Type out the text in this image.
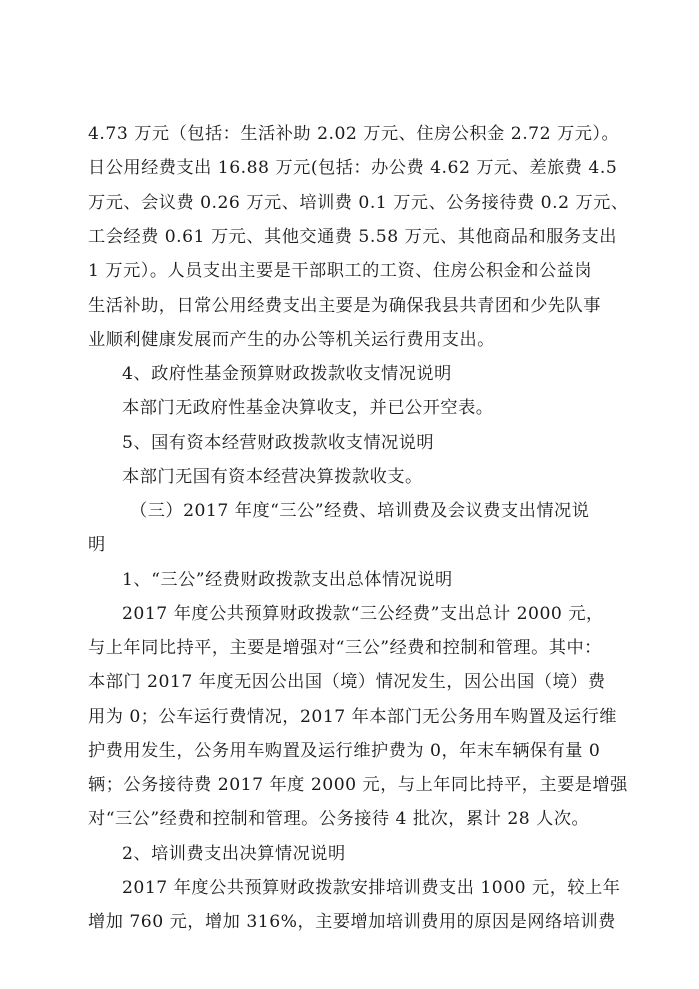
4.73 万元（包括：生活补助 2.02 万元、住房公积金 2.72 万元）。
日公用经费支出 16.88 万元(包括：办公费 4.62 万元、差旅费 4.5
万元、会议费 0.26 万元、培训费 0.1 万元、公务接待费 0.2 万元、
工会经费 0.61 万元、其他交通费 5.58 万元、其他商品和服务支出
1 万元）。人员支出主要是干部职工的工资、住房公积金和公益岗
生活补助，日常公用经费支出主要是为确保我县共青团和少先队事
业顺利健康发展而产生的办公等机关运行费用支出。
4、政府性基金预算财政拨款收支情况说明
本部门无政府性基金决算收支，并已公开空表。
5、国有资本经营财政拨款收支情况说明
本部门无国有资本经营决算拨款收支。
（三）2017 年度“三公”经费、培训费及会议费支出情况说
明
1、“三公”经费财政拨款支出总体情况说明
2017 年度公共预算财政拨款“三公经费”支出总计 2000 元，
与上年同比持平，主要是增强对“三公”经费和控制和管理。其中：
本部门 2017 年度无因公出国（境）情况发生，因公出国（境）费
用为 0；公车运行费情况，2017 年本部门无公务用车购置及运行维
护费用发生，公务用车购置及运行维护费为 0，年末车辆保有量 0
辆；公务接待费 2017 年度 2000 元，与上年同比持平，主要是增强
对“三公”经费和控制和管理。公务接待 4 批次，累计 28 人次。
2、培训费支出决算情况说明
2017 年度公共预算财政拨款安排培训费支出 1000 元，较上年
增加 760 元，增加 316%，主要增加培训费用的原因是网络培训费
